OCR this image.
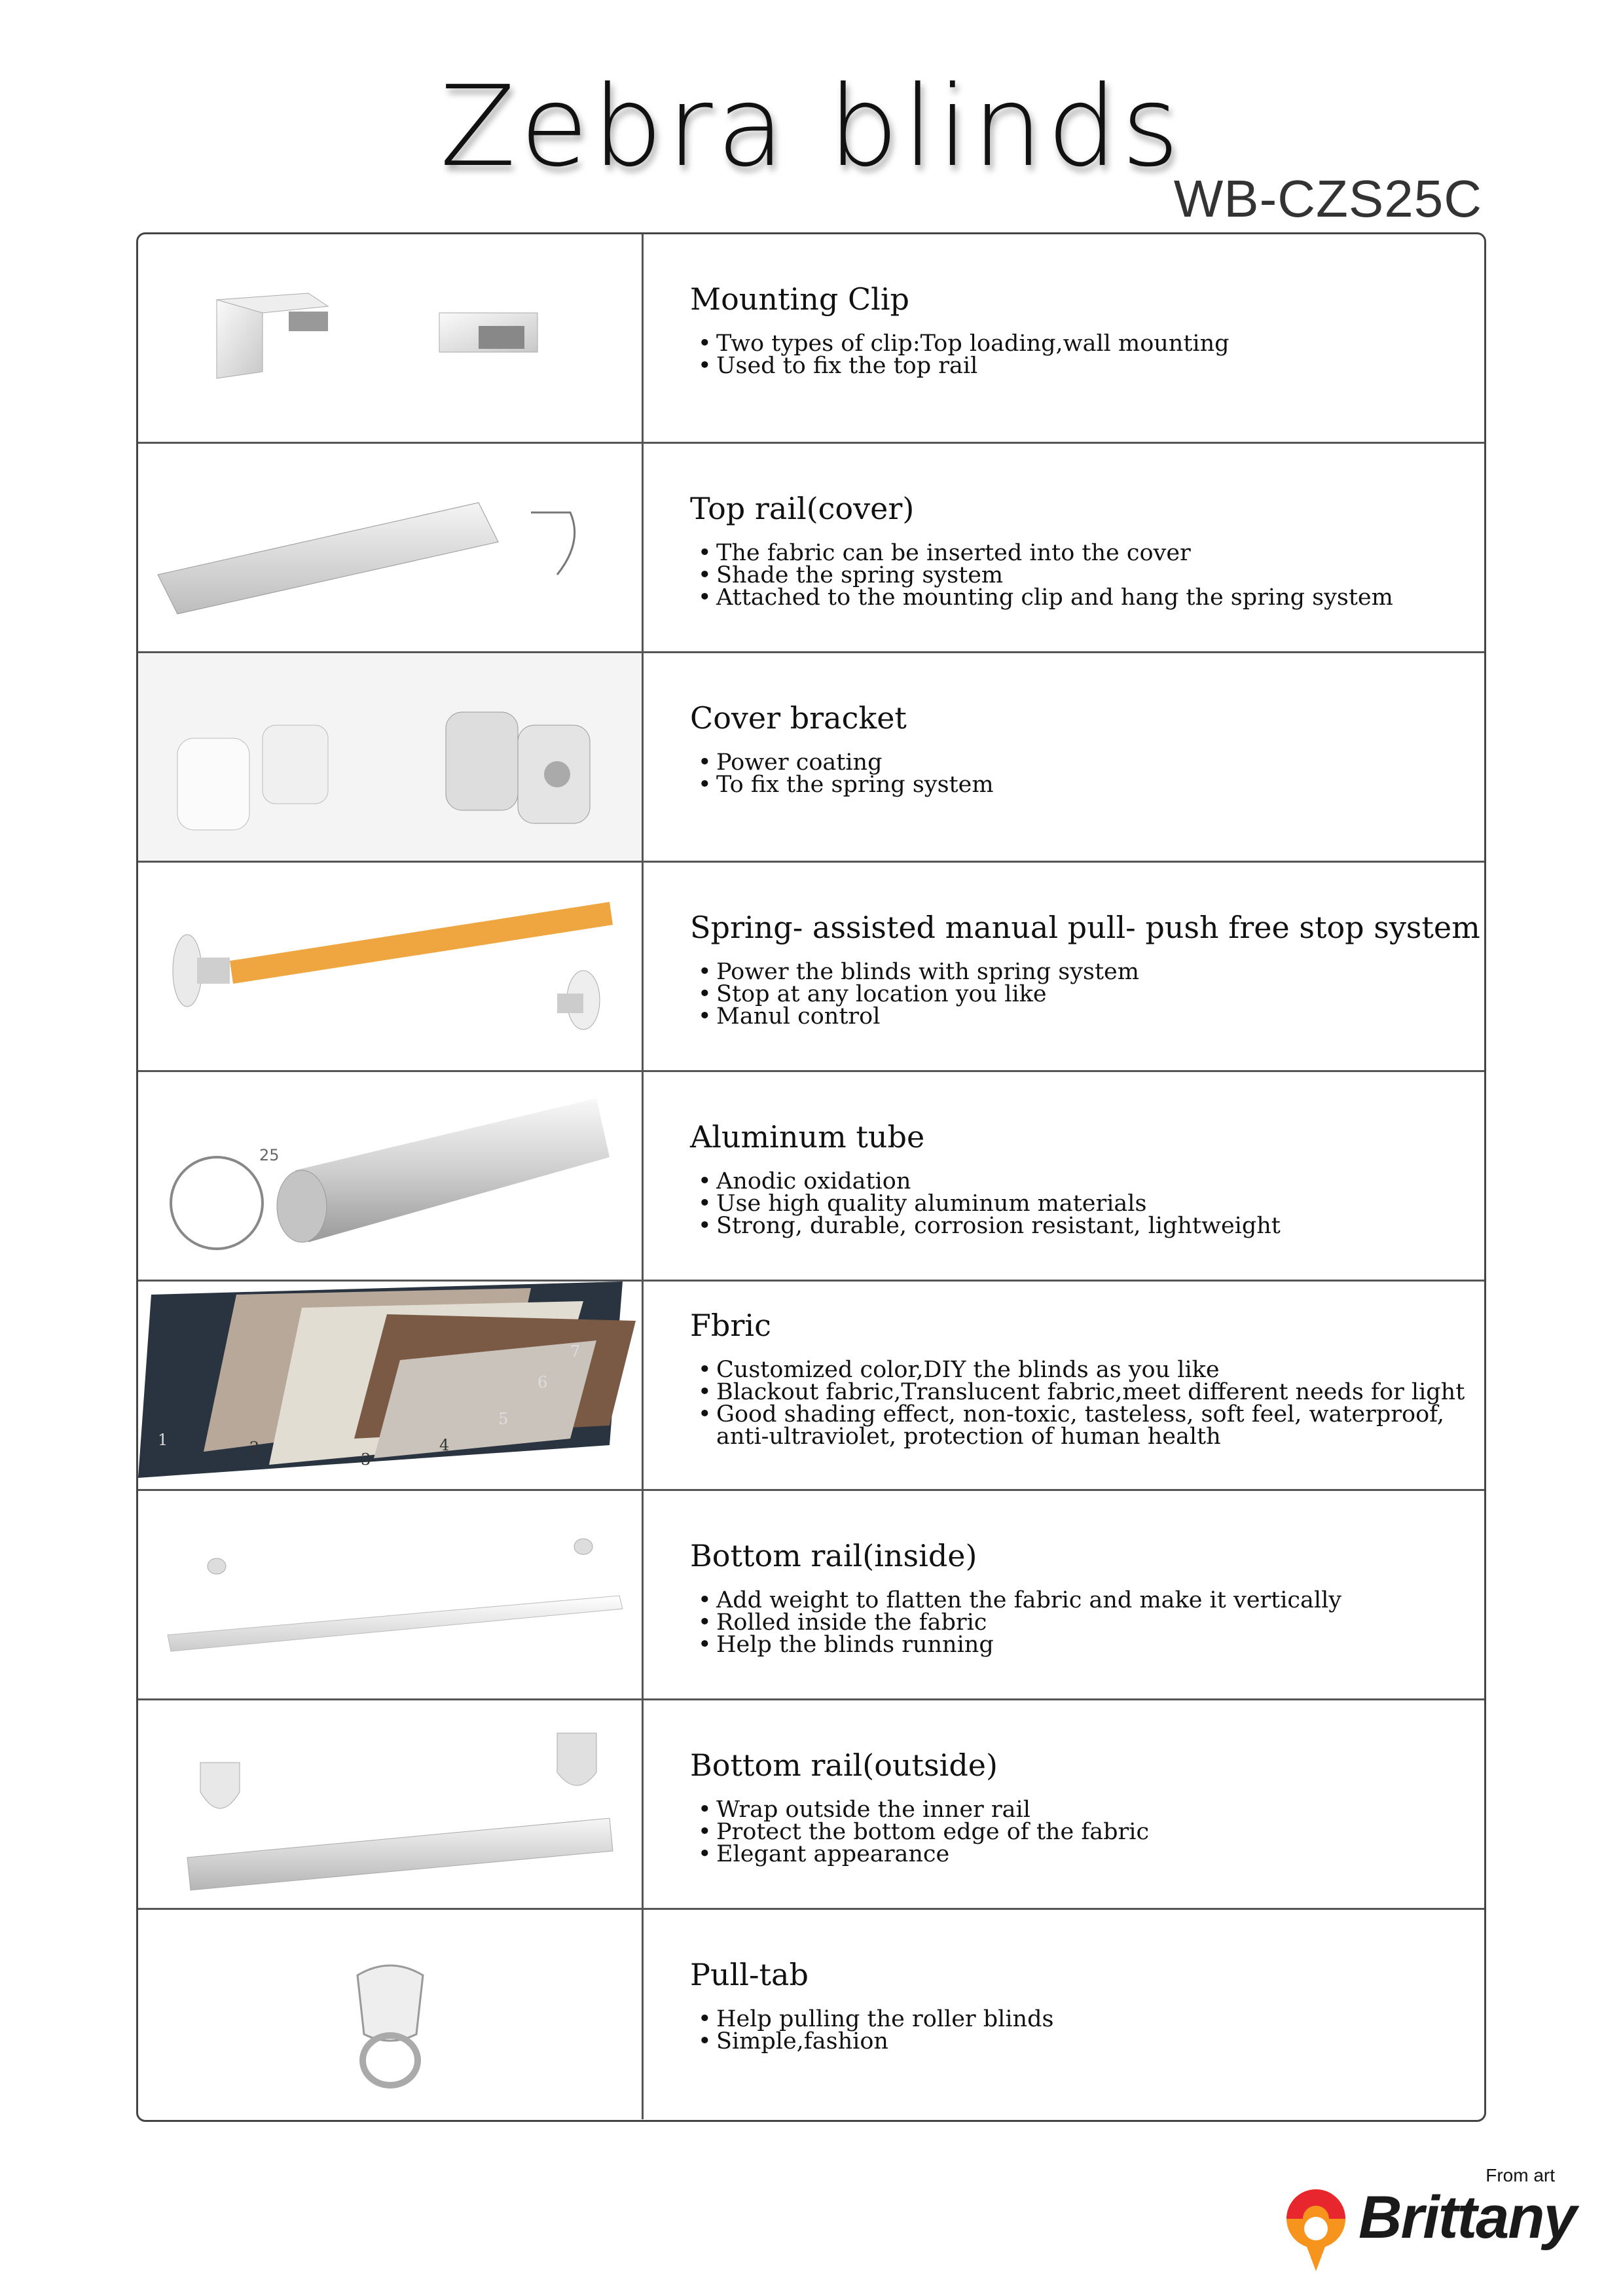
Zebra blinds
WB-CZS25C
Mounting Clip
• Two types of clip:Top loading,wall mounting
• Used to fix the top rail
Top rail(cover)
• The fabric can be inserted into the cover
• Shade the spring system
• Attached to the mounting clip and hang the spring system
Cover bracket
• Power coating
• To fix the spring system
Spring- assisted manual pull- push free stop system
• Power the blinds with spring system
• Stop at any location you like
• Manul control
25
Aluminum tube
• Anodic oxidation
• Use high quality aluminum materials
• Strong, durable, corrosion resistant, lightweight
1	2
3
4
5
6
7
Fbric
• Customized color,DIY the blinds as you like
• Blackout fabric,Translucent fabric,meet different needs for light
• Good shading effect, non-toxic, tasteless, soft feel, waterproof,
anti-ultraviolet, protection of human health
Bottom rail(inside)
• Add weight to flatten the fabric and make it vertically
• Rolled inside the fabric
• Help the blinds running
Bottom rail(outside)
• Wrap outside the inner rail
• Protect the bottom edge of the fabric
• Elegant appearance
Pull-tab
• Help pulling the roller blinds
• Simple,fashion
From art
Brittany
